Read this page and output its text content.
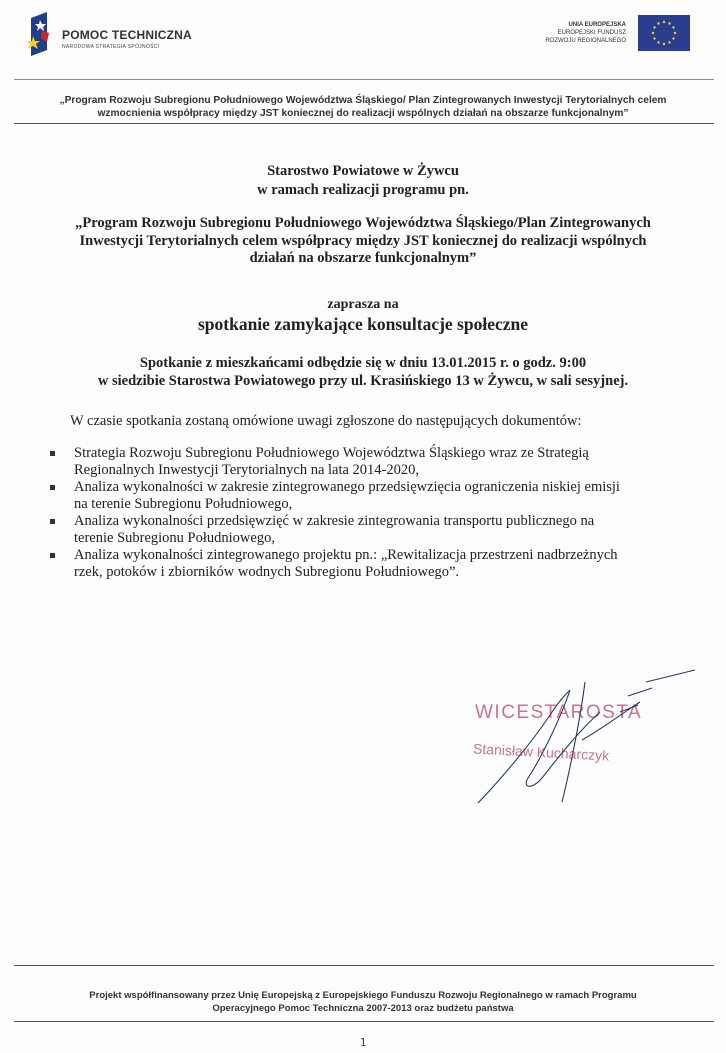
POMOC TECHNICZNA
NARODOWA STRATEGIA SPÓJNOŚCI
UNIA EUROPEJSKA
EUROPEJSKI FUNDUSZ
ROZWOJU REGIONALNEGO
„Program Rozwoju Subregionu Południowego Województwa Śląskiego/ Plan Zintegrowanych Inwestycji Terytorialnych celem
wzmocnienia współpracy między JST koniecznej do realizacji wspólnych działań na obszarze funkcjonalnym”
Starostwo Powiatowe w Żywcu
w ramach realizacji programu pn.
„Program Rozwoju Subregionu Południowego Województwa Śląskiego/Plan Zintegrowanych
Inwestycji Terytorialnych celem współpracy między JST koniecznej do realizacji wspólnych
działań na obszarze funkcjonalnym”
zaprasza na
spotkanie zamykające konsultacje społeczne
Spotkanie z mieszkańcami odbędzie się w dniu 13.01.2015 r. o godz. 9:00
w siedzibie Starostwa Powiatowego przy ul. Krasińskiego 13 w Żywcu, w sali sesyjnej.
W czasie spotkania zostaną omówione uwagi zgłoszone do następujących dokumentów:
Strategia Rozwoju Subregionu Południowego Województwa Śląskiego wraz ze Strategią
Regionalnych Inwestycji Terytorialnych na lata 2014-2020,
Analiza wykonalności w zakresie zintegrowanego przedsięwzięcia ograniczenia niskiej emisji
na terenie Subregionu Południowego,
Analiza wykonalności przedsięwzięć w zakresie zintegrowania transportu publicznego na
terenie Subregionu Południowego,
Analiza wykonalności zintegrowanego projektu pn.: „Rewitalizacja przestrzeni nadbrzeżnych
rzek, potoków i zbiorników wodnych Subregionu Południowego”.
WICESTAROSTA
Stanisław Kucharczyk
Projekt współfinansowany przez Unię Europejską z Europejskiego Funduszu Rozwoju Regionalnego w ramach Programu
Operacyjnego Pomoc Techniczna 2007-2013 oraz budżetu państwa
1
